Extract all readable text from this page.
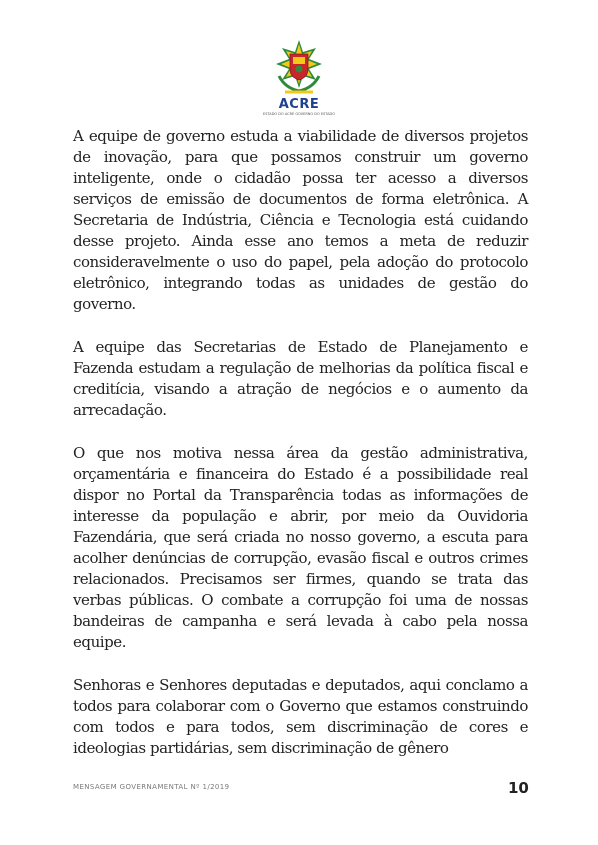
ACRE
ESTADO DO ACRE GOVERNO DO ESTADO

A equipe de governo estuda a viabilidade de diversos projetos de inovação, para que possamos construir um governo inteligente, onde o cidadão possa ter acesso a diversos serviços de emissão de documentos de forma eletrônica. A Secretaria de Indústria, Ciência e Tecnologia está cuidando desse projeto. Ainda esse ano temos a meta de reduzir consideravelmente o uso do papel, pela adoção do protocolo eletrônico, integrando todas as unidades de gestão do governo.

A equipe das Secretarias de Estado de Planejamento e Fazenda estudam a regulação de melhorias da política fiscal e creditícia, visando a atração de negócios e o aumento da arrecadação.

O que nos motiva nessa área da gestão administrativa, orçamentária e financeira do Estado é a possibilidade real dispor no Portal da Transparência todas as informações de interesse da população e abrir, por meio da Ouvidoria Fazendária, que será criada no nosso governo, a escuta para acolher denúncias de corrupção, evasão fiscal e outros crimes relacionados. Precisamos ser firmes, quando se trata das verbas públicas. O combate a corrupção foi uma de nossas bandeiras de campanha e será levada à cabo pela nossa equipe.

Senhoras e Senhores deputadas e deputados, aqui conclamo a todos para colaborar com o Governo que estamos construindo com todos e para todos, sem discriminação de cores e ideologias partidárias, sem discriminação de gênero

MENSAGEM GOVERNAMENTAL Nº 1/2019	10
